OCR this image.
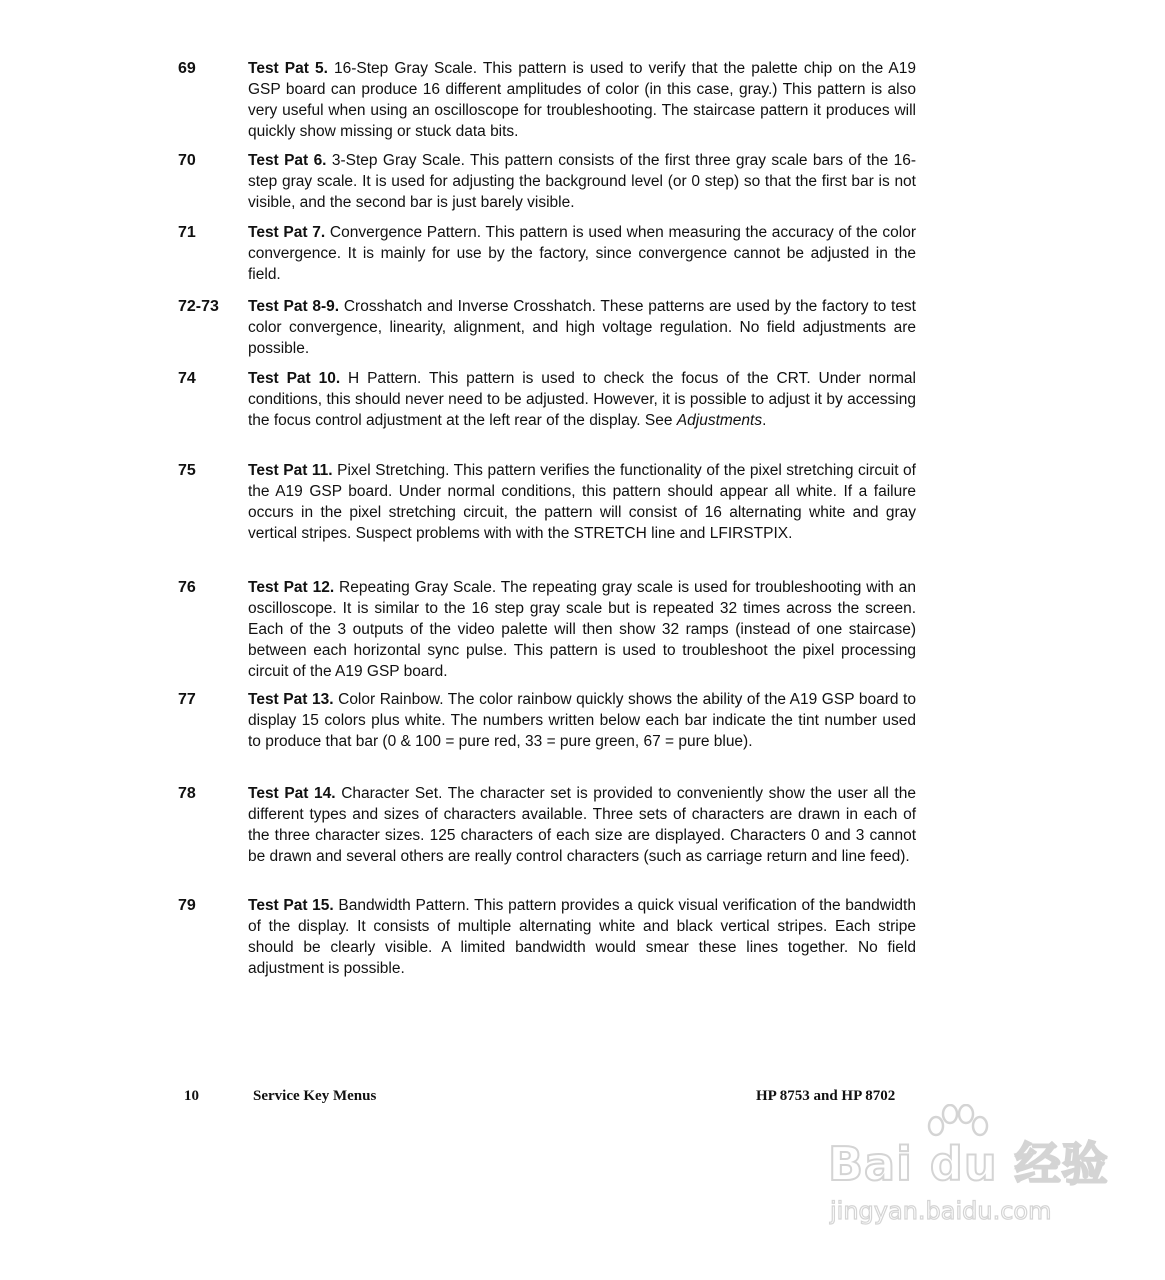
69	Test Pat 5. 16-Step Gray Scale. This pattern is used to verify that the palette chip on the A19 GSP board can produce 16 different amplitudes of color (in this case, gray.) This pattern is also very useful when using an oscilloscope for troubleshooting. The staircase pattern it produces will quickly show missing or stuck data bits.
70	Test Pat 6. 3-Step Gray Scale. This pattern consists of the first three gray scale bars of the 16-step gray scale. It is used for adjusting the background level (or 0 step) so that the first bar is not visible, and the second bar is just barely visible.
71	Test Pat 7. Convergence Pattern. This pattern is used when measuring the accuracy of the color convergence. It is mainly for use by the factory, since convergence cannot be adjusted in the field.
72-73 Test Pat 8-9. Crosshatch and Inverse Crosshatch. These patterns are used by the factory to test color convergence, linearity, alignment, and high voltage regulation. No field adjustments are possible.
74	Test Pat 10. H Pattern. This pattern is used to check the focus of the CRT. Under normal conditions, this should never need to be adjusted. However, it is possible to adjust it by accessing the focus control adjustment at the left rear of the display. See Adjustments.
75	Test Pat 11. Pixel Stretching. This pattern verifies the functionality of the pixel stretching circuit of the A19 GSP board. Under normal conditions, this pattern should appear all white. If a failure occurs in the pixel stretching circuit, the pattern will consist of 16 alternating white and gray vertical stripes. Suspect problems with with the STRETCH line and LFIRSTPIX.
76	Test Pat 12. Repeating Gray Scale. The repeating gray scale is used for troubleshooting with an oscilloscope. It is similar to the 16 step gray scale but is repeated 32 times across the screen. Each of the 3 outputs of the video palette will then show 32 ramps (instead of one staircase) between each horizontal sync pulse. This pattern is used to troubleshoot the pixel processing circuit of the A19 GSP board.
77	Test Pat 13. Color Rainbow. The color rainbow quickly shows the ability of the A19 GSP board to display 15 colors plus white. The numbers written below each bar indicate the tint number used to produce that bar (0 & 100 = pure red, 33 = pure green, 67 = pure blue).
78	Test Pat 14. Character Set. The character set is provided to conveniently show the user all the different types and sizes of characters available. Three sets of characters are drawn in each of the three character sizes. 125 characters of each size are displayed. Characters 0 and 3 cannot be drawn and several others are really control characters (such as carriage return and line feed).
79	Test Pat 15. Bandwidth Pattern. This pattern provides a quick visual verification of the bandwidth of the display. It consists of multiple alternating white and black vertical stripes. Each stripe should be clearly visible. A limited bandwidth would smear these lines together. No field adjustment is possible.
10	Service Key Menus	HP 8753 and HP 8702
Bai du 经验
jingyan.baidu.com
